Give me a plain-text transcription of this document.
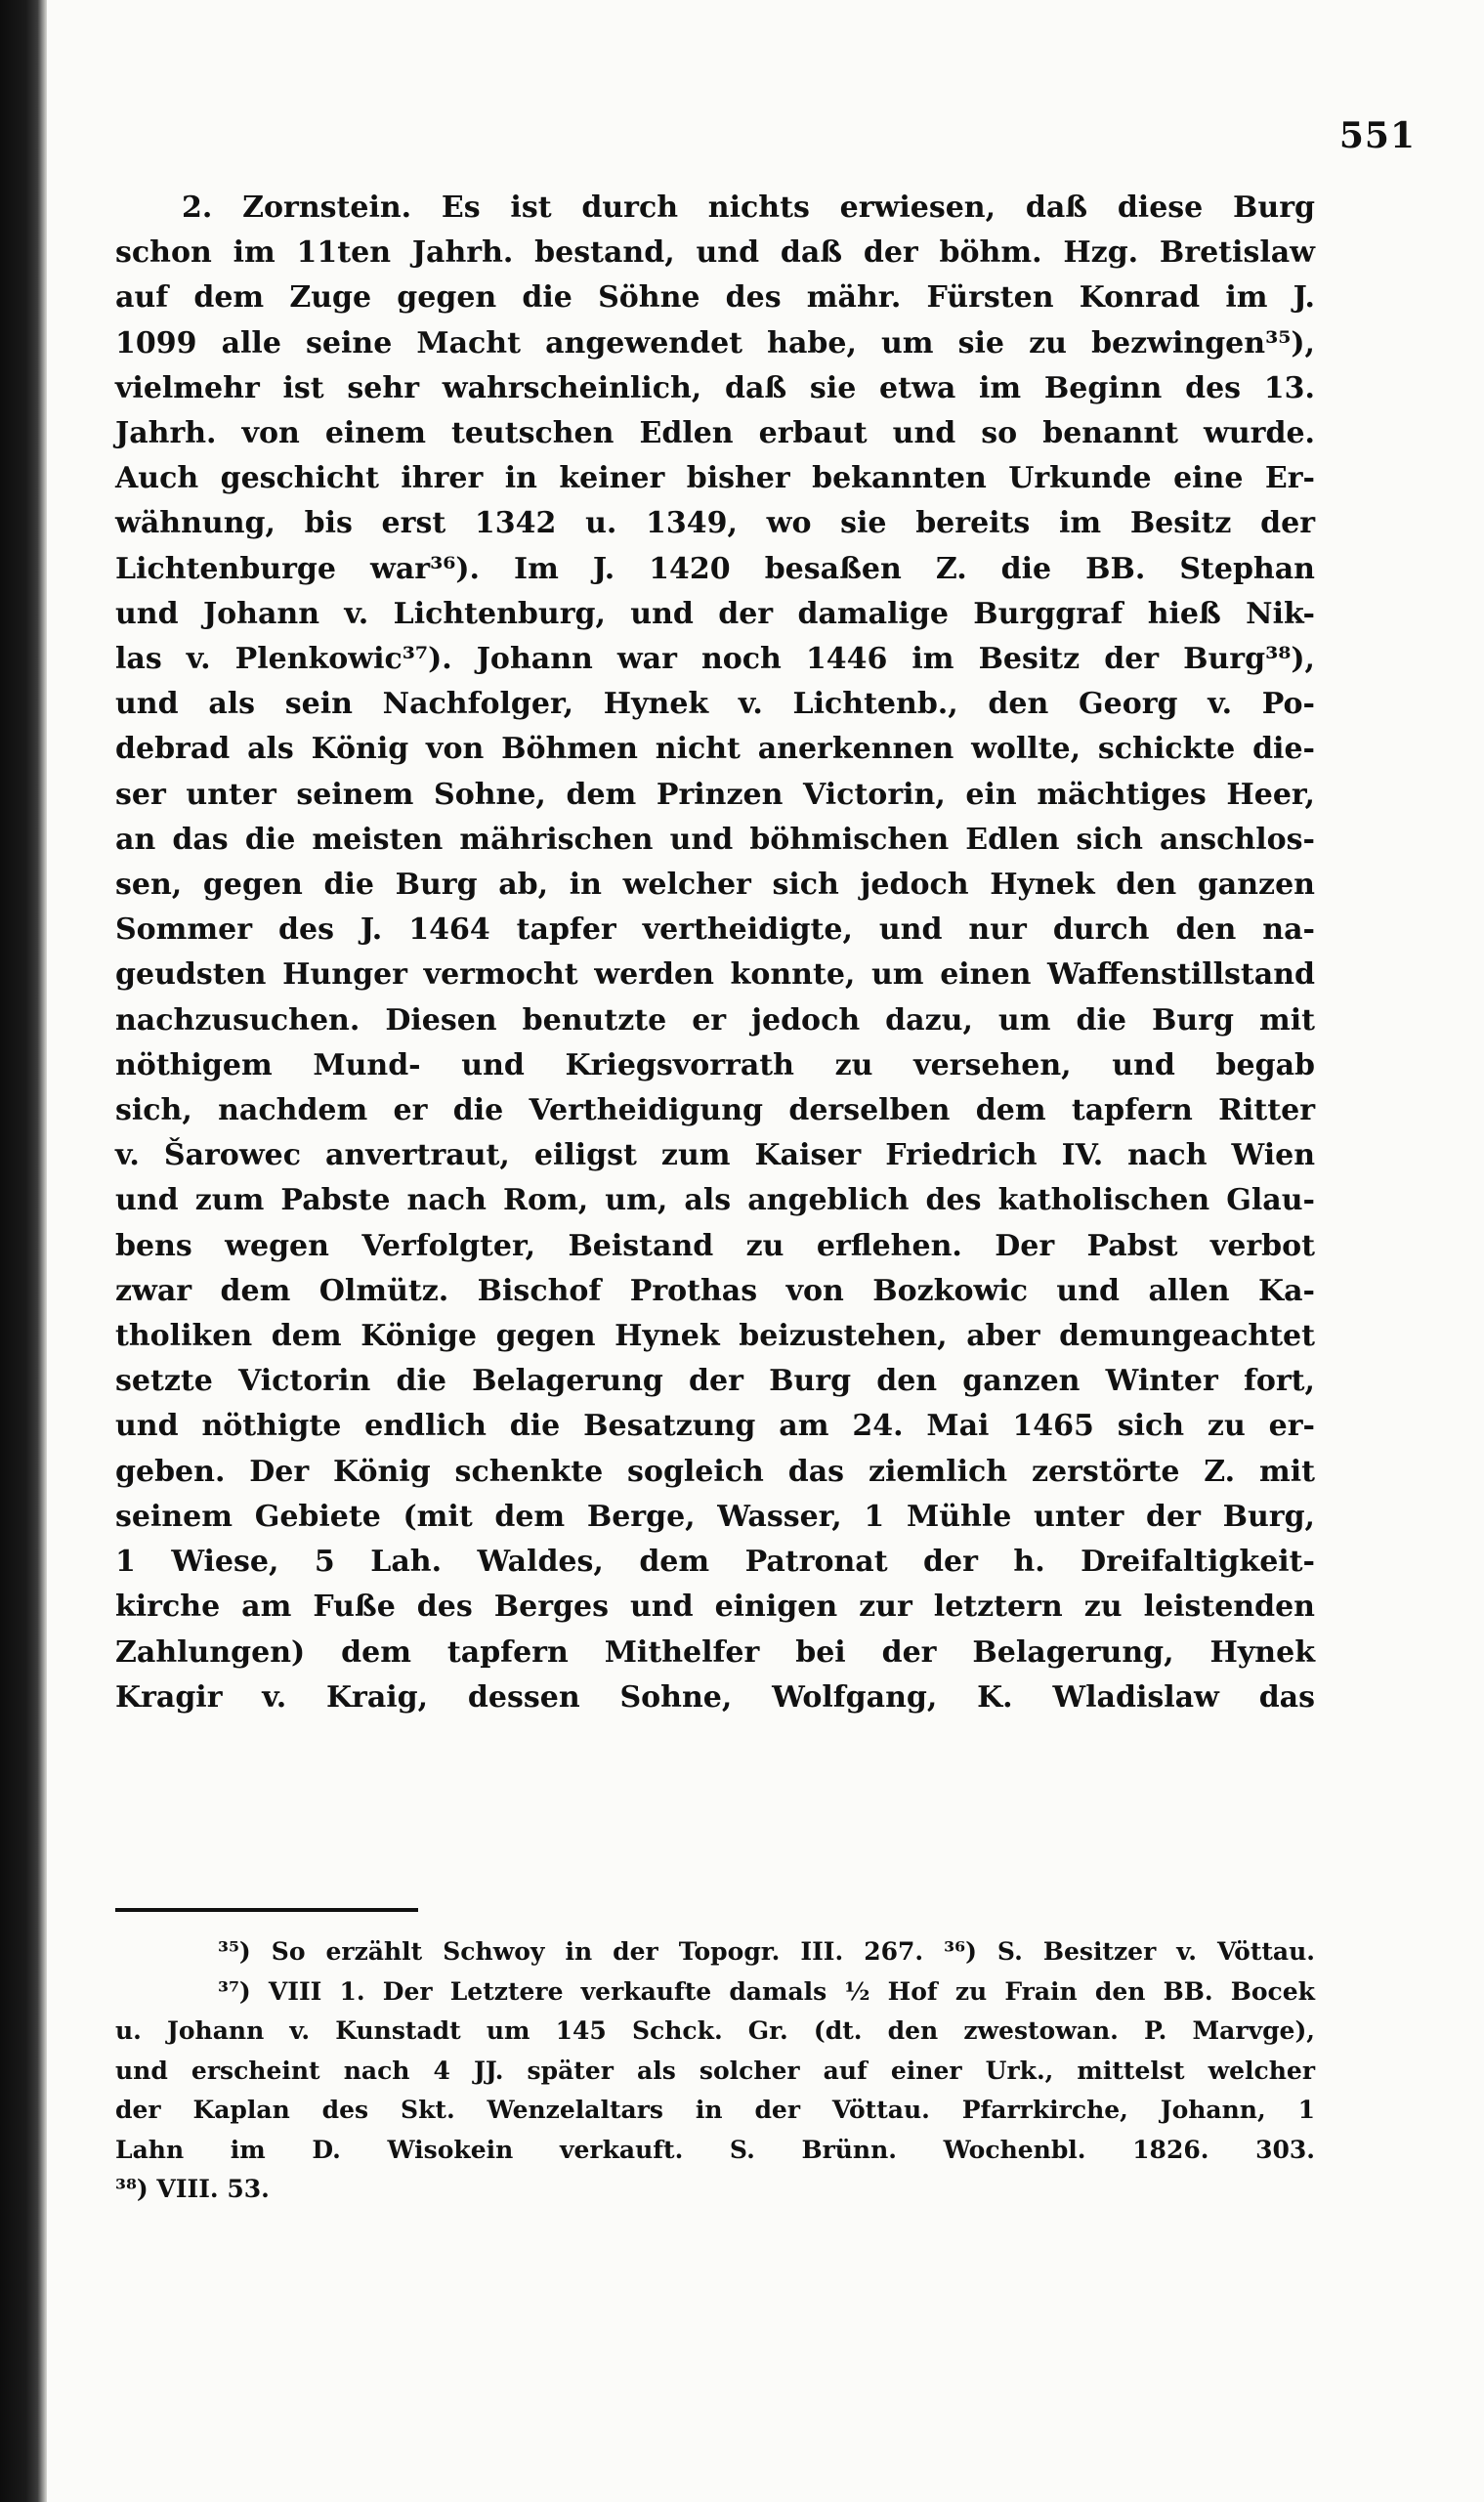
551
2. Zornstein. Es ist durch nichts erwiesen, daß diese Burg
schon im 11ten Jahrh. bestand, und daß der böhm. Hzg. Bretislaw
auf dem Zuge gegen die Söhne des mähr. Fürsten Konrad im J.
1099 alle seine Macht angewendet habe, um sie zu bezwingen³⁵),
vielmehr ist sehr wahrscheinlich, daß sie etwa im Beginn des 13.
Jahrh. von einem teutschen Edlen erbaut und so benannt wurde.
Auch geschicht ihrer in keiner bisher bekannten Urkunde eine Er-
wähnung, bis erst 1342 u. 1349, wo sie bereits im Besitz der
Lichtenburge war³⁶). Im J. 1420 besaßen Z. die BB. Stephan
und Johann v. Lichtenburg, und der damalige Burggraf hieß Nik-
las v. Plenkowic³⁷). Johann war noch 1446 im Besitz der Burg³⁸),
und als sein Nachfolger, Hynek v. Lichtenb., den Georg v. Po-
debrad als König von Böhmen nicht anerkennen wollte, schickte die-
ser unter seinem Sohne, dem Prinzen Victorin, ein mächtiges Heer,
an das die meisten mährischen und böhmischen Edlen sich anschlos-
sen, gegen die Burg ab, in welcher sich jedoch Hynek den ganzen
Sommer des J. 1464 tapfer vertheidigte, und nur durch den na-
geudsten Hunger vermocht werden konnte, um einen Waffenstillstand
nachzusuchen. Diesen benutzte er jedoch dazu, um die Burg mit
nöthigem Mund- und Kriegsvorrath zu versehen, und begab
sich, nachdem er die Vertheidigung derselben dem tapfern Ritter
v. Šarowec anvertraut, eiligst zum Kaiser Friedrich IV. nach Wien
und zum Pabste nach Rom, um, als angeblich des katholischen Glau-
bens wegen Verfolgter, Beistand zu erflehen. Der Pabst verbot
zwar dem Olmütz. Bischof Prothas von Bozkowic und allen Ka-
tholiken dem Könige gegen Hynek beizustehen, aber demungeachtet
setzte Victorin die Belagerung der Burg den ganzen Winter fort,
und nöthigte endlich die Besatzung am 24. Mai 1465 sich zu er-
geben. Der König schenkte sogleich das ziemlich zerstörte Z. mit
seinem Gebiete (mit dem Berge, Wasser, 1 Mühle unter der Burg,
1 Wiese, 5 Lah. Waldes, dem Patronat der h. Dreifaltigkeit-
kirche am Fuße des Berges und einigen zur letztern zu leistenden
Zahlungen) dem tapfern Mithelfer bei der Belagerung, Hynek
Kragir v. Kraig, dessen Sohne, Wolfgang, K. Wladislaw das
³⁵) So erzählt Schwoy in der Topogr. III. 267. ³⁶) S. Besitzer v. Vöttau.
³⁷) VIII 1. Der Letztere verkaufte damals ½ Hof zu Frain den BB. Bocek
u. Johann v. Kunstadt um 145 Schck. Gr. (dt. den zwestowan. P. Marvge),
und erscheint nach 4 JJ. später als solcher auf einer Urk., mittelst welcher
der Kaplan des Skt. Wenzelaltars in der Vöttau. Pfarrkirche, Johann, 1
Lahn im D. Wisokein verkauft. S. Brünn. Wochenbl. 1826. 303.
³⁸) VIII. 53.
